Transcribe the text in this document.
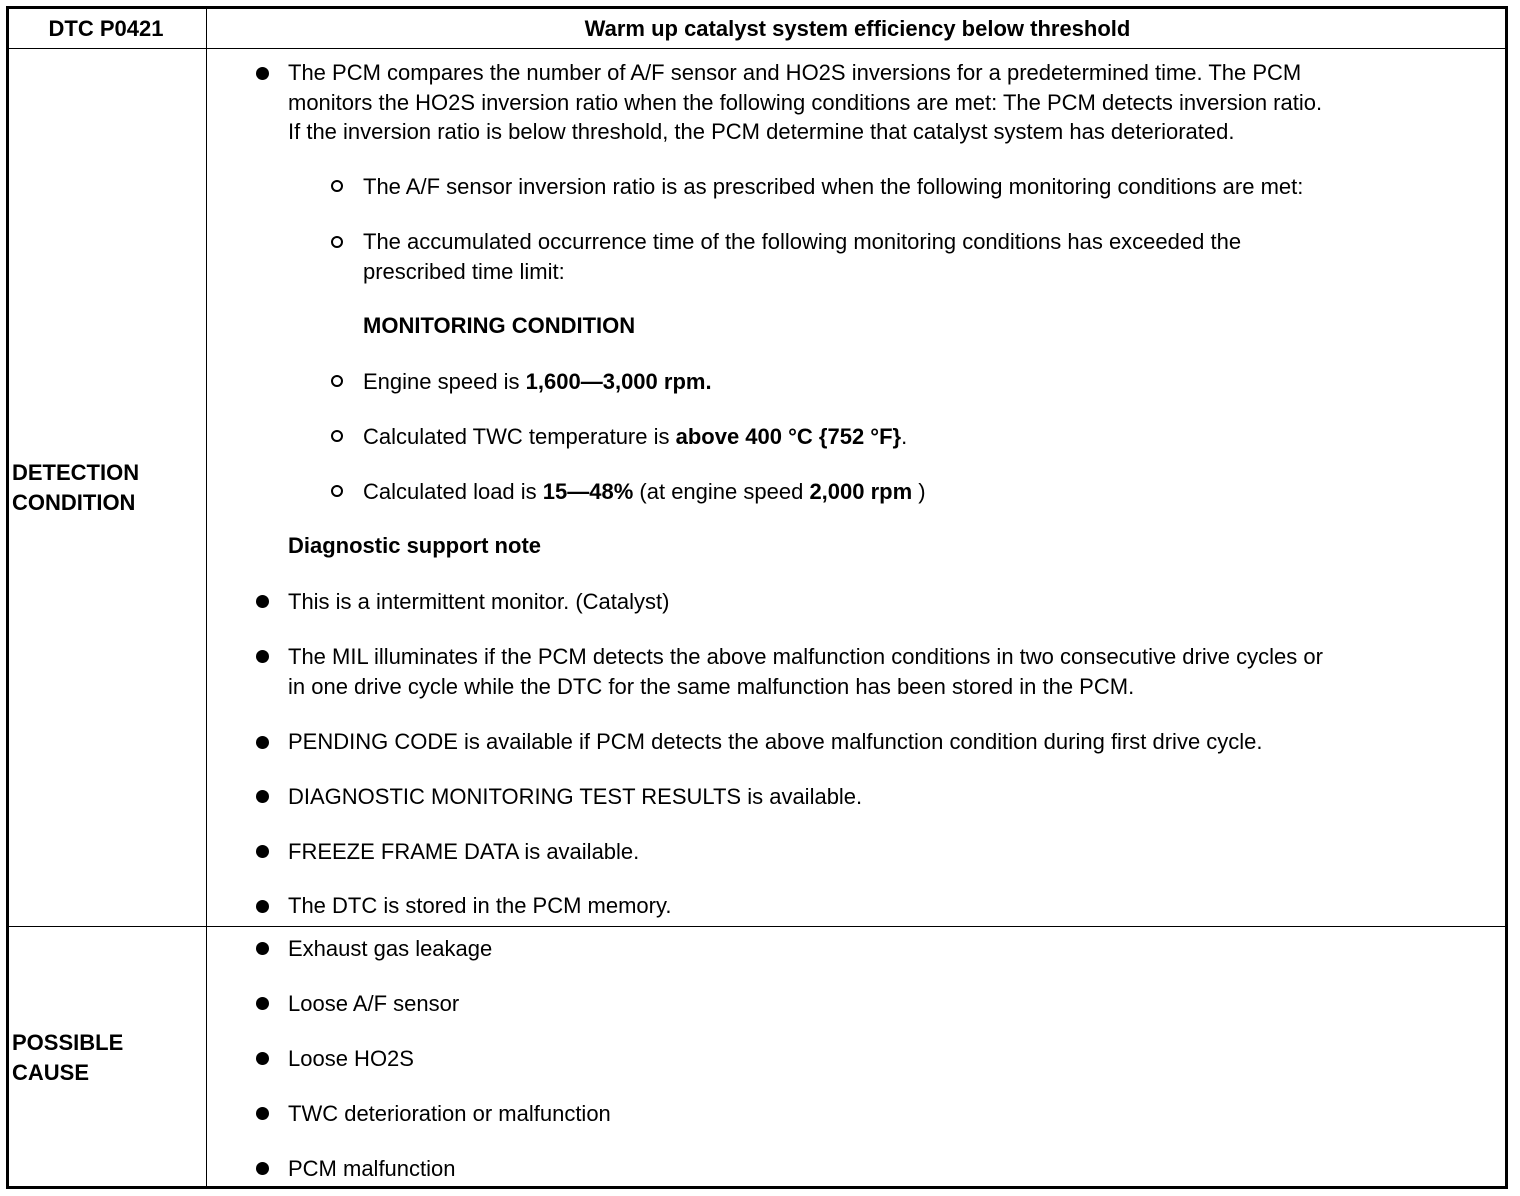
DTC P0421	Warm up catalyst system efficiency below threshold
DETECTION
CONDITION
The PCM compares the number of A/F sensor and HO2S inversions for a predetermined time. The PCM
monitors the HO2S inversion ratio when the following conditions are met: The PCM detects inversion ratio.
If the inversion ratio is below threshold, the PCM determine that catalyst system has deteriorated.
The A/F sensor inversion ratio is as prescribed when the following monitoring conditions are met:
The accumulated occurrence time of the following monitoring conditions has exceeded the
prescribed time limit:
MONITORING CONDITION
Engine speed is 1,600—3,000 rpm.
Calculated TWC temperature is above 400 °C {752 °F}.
Calculated load is 15—48% (at engine speed 2,000 rpm )
Diagnostic support note
This is a intermittent monitor. (Catalyst)
The MIL illuminates if the PCM detects the above malfunction conditions in two consecutive drive cycles or
in one drive cycle while the DTC for the same malfunction has been stored in the PCM.
PENDING CODE is available if PCM detects the above malfunction condition during first drive cycle.
DIAGNOSTIC MONITORING TEST RESULTS is available.
FREEZE FRAME DATA is available.
The DTC is stored in the PCM memory.
POSSIBLE
CAUSE
Exhaust gas leakage
Loose A/F sensor
Loose HO2S
TWC deterioration or malfunction
PCM malfunction
